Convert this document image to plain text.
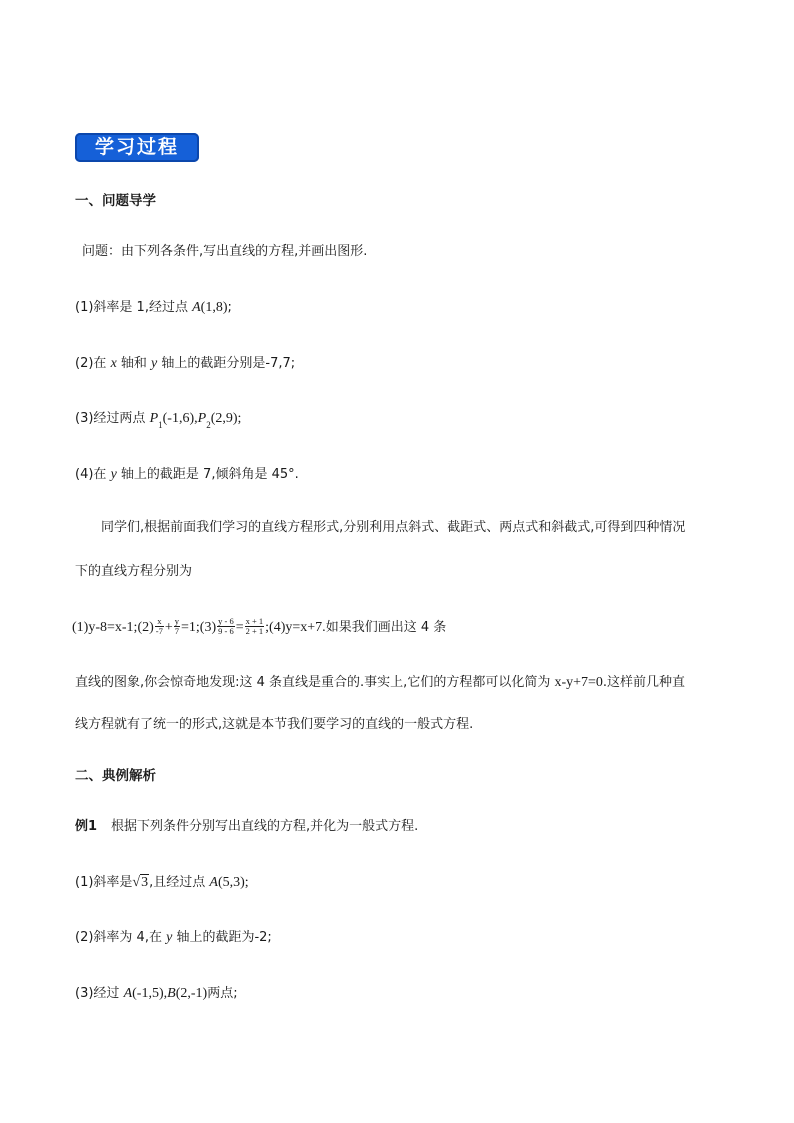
学习过程
一、问题导学
问题：由下列各条件,写出直线的方程,并画出图形.
(1)斜率是 1,经过点 A(1,8);
(2)在 x 轴和 y 轴上的截距分别是-7,7;
(3)经过两点 $P_1(-1,6),P_2(2,9)$;
(4)在 y 轴上的截距是 7,倾斜角是 45°.
同学们,根据前面我们学习的直线方程形式,分别利用点斜式、截距式、两点式和斜截式,可得到四种情况
下的直线方程分别为
(1)y-8=x-1;(2) $\frac{x}{-7} + \frac{y}{7}$ =1;(3) $\frac{y - 6}{9 - 6} = \frac{x + 1}{2 + 1}$ ;(4)y=x+7.如果我们画出这 4 条
直线的图象,你会惊奇地发现:这 4 条直线是重合的.事实上,它们的方程都可以化简为 x-y+7=0.这样前几种直
线方程就有了统一的形式,这就是本节我们要学习的直线的一般式方程.
二、典例解析
例1 根据下列条件分别写出直线的方程,并化为一般式方程.
(1)斜率是√3,且经过点 A(5,3);
(2)斜率为 4,在 y 轴上的截距为-2;
(3)经过 A(-1,5),B(2,-1)两点;
